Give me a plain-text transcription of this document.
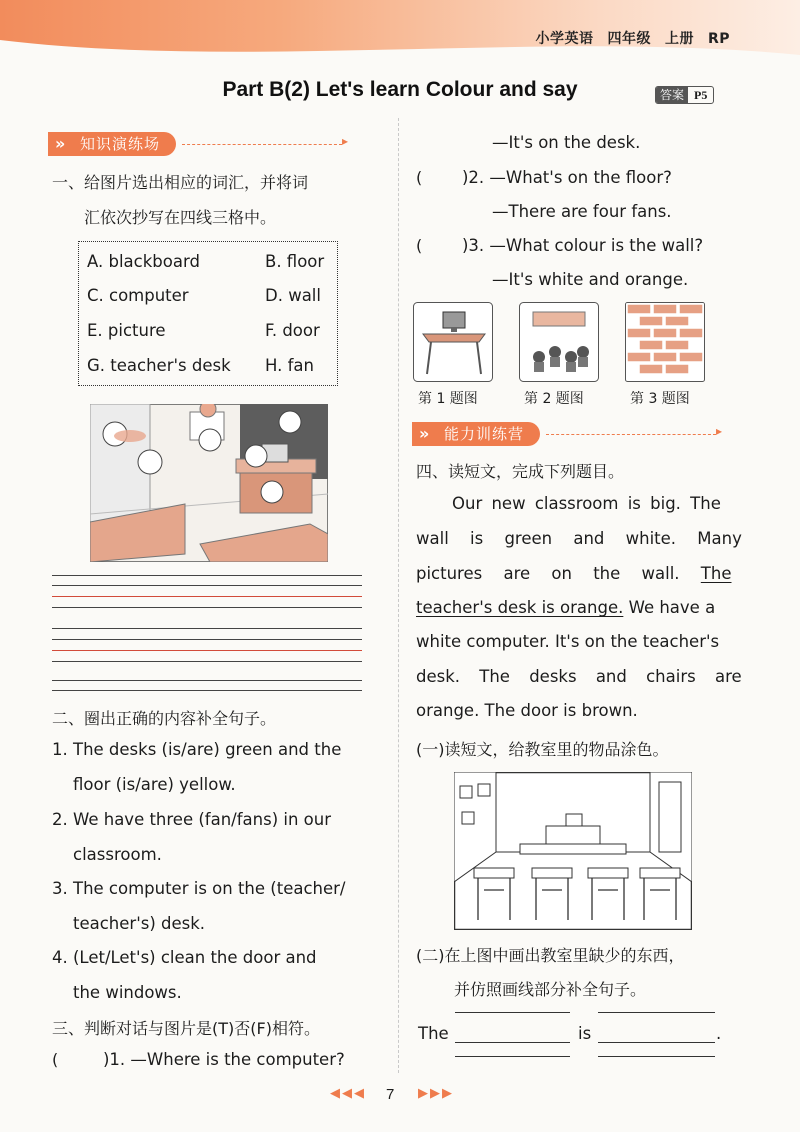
小学英语 四年级 上册 RP
Part B(2) Let's learn Colour and say	答案 P5
» 知识演练场
▸
一、给图片选出相应的词汇，并将词
汇依次抄写在四线三格中。
A. blackboard	B. floor
C. computer	D. wall
E. picture	F. door
G. teacher's desk H. fan
二、圈出正确的内容补全句子。
1. The desks (is/are) green and the
floor (is/are) yellow.
2. We have three (fan/fans) in our
classroom.
3. The computer is on the (teacher/
teacher's) desk.
4. (Let/Let's) clean the door and
the windows.
三、判断对话与图片是(T)否(F)相符。
(	)1. —Where is the computer?
—It's on the desk.
( )2. —What's on the floor?
—There are four fans.
( )3. —What colour is the wall?
—It's white and orange.
第 1 题图	第 2 题图	第 3 题图
» 能力训练营
▸
四、读短文，完成下列题目。
Our new classroom is big. The
wall is green and white. Many
pictures are on the wall. The
teacher's desk is orange. We have a
white computer. It's on the teacher's
desk. The desks and chairs are
orange. The door is brown.
(一)读短文，给教室里的物品涂色。
(二)在上图中画出教室里缺少的东西，
并仿照画线部分补全句子。
The	is	.
◀◀◀ 7 ▶▶▶
